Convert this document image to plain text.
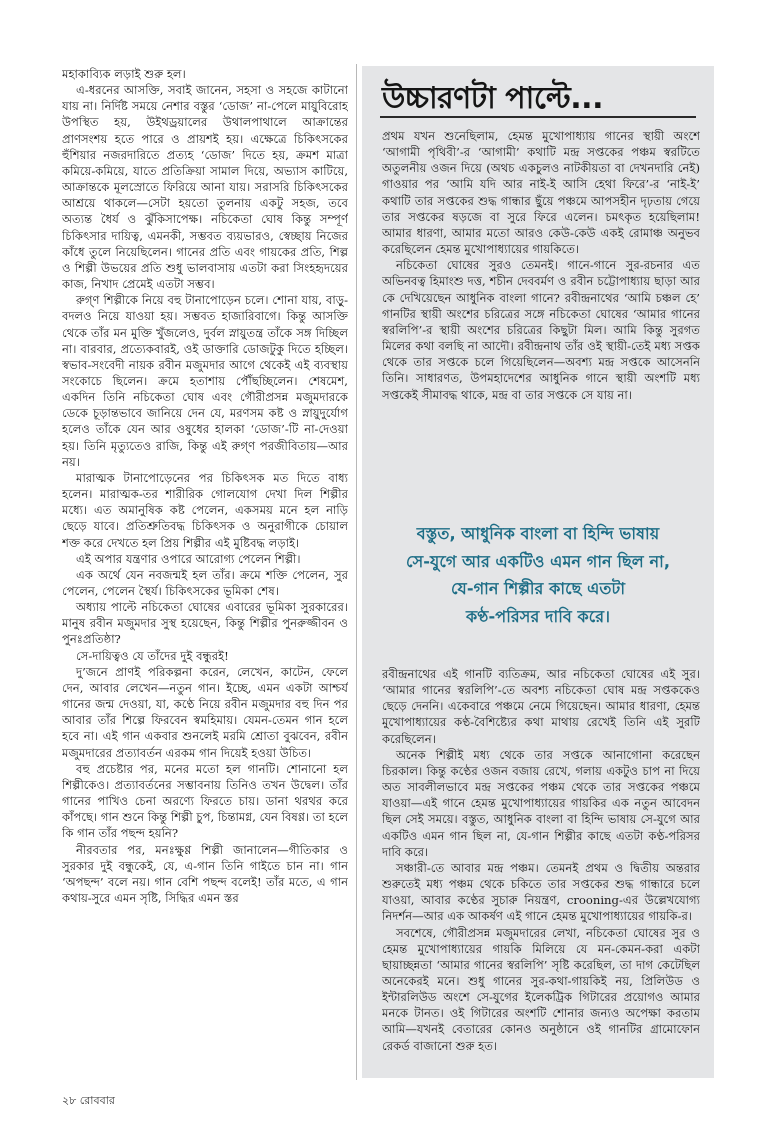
মহাকাব্যিক লড়াই শুরু হল।

এ-ধরনের আসক্তি, সবাই জানেন, সহসা ও সহজে কাটানো যায় না। নির্দিষ্ট সময়ে নেশার বস্তুর ‘ডোজ’ না-পেলে মায়ুবিরোহ উপস্থিত হয়, উইথড্রয়ালের উথালপাথালে আক্রান্তের প্রাণসংশয় হতে পারে ও প্রায়শই হয়। এক্ষেত্রে চিকিৎসকের হুঁশিয়ার নজরদারিতে প্রত্যহ ‘ডোজ’ দিতে হয়, ক্রমশ মাত্রা কমিয়ে-কমিয়ে, যাতে প্রতিক্রিয়া সামাল দিয়ে, অভ্যাস কাটিয়ে, আক্রান্তকে মূলস্রোতে ফিরিয়ে আনা যায়। সরাসরি চিকিৎসকের আশ্রয়ে থাকলে—সেটা হয়তো তুলনায় একটু সহজ, তবে অত্যন্ত ধৈর্য ও ঝুঁকিসাপেক্ষ। নচিকেতা ঘোষ কিন্তু সম্পূর্ণ চিকিৎসার দায়িত্ব, এমনকী, সম্ভবত ব্যয়ভারও, স্বেচ্ছায় নিজের কাঁধে তুলে নিয়েছিলেন। গানের প্রতি এবং গায়কের প্রতি, শিল্প ও শিল্পী উভয়ের প্রতি শুধু ভালবাসায় এতটা করা সিংহহৃদয়ের কাজ, নিখাদ প্রেমেই এতটা সম্ভব।

রুগ্ণ শিল্পীকে নিয়ে বহু টানাপোড়েন চলে। শোনা যায়, বাড়ু-বদলও নিয়ে যাওয়া হয়। সম্ভবত হাজারিবাগে। কিন্তু আসক্তি থেকে তাঁর মন মুক্তি খুঁজলেও, দুর্বল স্নায়ুতন্ত্র তাঁকে সঙ্গ দিচ্ছিল না। বারবার, প্রত্যেকবারই, ওই ডাক্তারি ডোজটুকু দিতে হচ্ছিল। স্বভাব-সংবেদী নায়ক রবীন মজুমদার আগে থেকেই এই ব্যবস্থায় সংকোচে ছিলেন। ক্রমে হতাশায় পৌঁছচ্ছিলেন। শেষমেশ, একদিন তিনি নচিকেতা ঘোষ এবং গৌরীপ্রসন্ন মজুমদারকে ডেকে চূড়ান্তভাবে জানিয়ে দেন যে, মরণসম কষ্ট ও স্নায়ুদুর্যোগ হলেও তাঁকে যেন আর ওষুধের হালকা ‘ডোজ’-টি না-দেওয়া হয়। তিনি মৃত্যুতেও রাজি, কিন্তু এই রুগ্ণ পরজীবিতায়—আর নয়।

মারাত্মক টানাপোড়েনের পর চিকিৎসক মত দিতে বাধ্য হলেন। মারাত্মক-তর শারীরিক গোলযোগ দেখা দিল শিল্পীর মধ্যে। এত অমানুষিক কষ্ট পেলেন, একসময় মনে হল নাড়ি ছেড়ে যাবে। প্রতিশ্রুতিবদ্ধ চিকিৎসক ও অনুরাগীকে চোয়াল শক্ত করে দেখতে হল প্রিয় শিল্পীর এই মুষ্টিবদ্ধ লড়াই।

এই অপার যন্ত্রণার ওপারে আরোগ্য পেলেন শিল্পী।

এক অর্থে যেন নবজন্মই হল তাঁর। ক্রমে শক্তি পেলেন, সুর পেলেন, পেলেন স্থৈর্য। চিকিৎসকের ভূমিকা শেষ।

অধ্যায় পাল্টে নচিকেতা ঘোষের এবারের ভূমিকা সুরকারের। মানুষ রবীন মজুমদার সুস্থ হয়েছেন, কিন্তু শিল্পীর পুনরুজ্জীবন ও পুনঃপ্রতিষ্ঠা?

সে-দায়িত্বও যে তাঁদের দুই বন্ধুরই!

দু’জনে প্রাণই পরিকল্পনা করেন, লেখেন, কাটেন, ফেলে দেন, আবার লেখেন—নতুন গান। ইচ্ছে, এমন একটা আশ্চর্য গানের জন্ম দেওয়া, যা, কণ্ঠে নিয়ে রবীন মজুমদার বহু দিন পর আবার তাঁর শিল্পে ফিরবেন স্বমহিমায়। যেমন-তেমন গান হলে হবে না। এই গান একবার শুনলেই মরমি শ্রোতা বুঝবেন, রবীন মজুমদারের প্রত্যাবর্তন এরকম গান দিয়েই হওয়া উচিত।

বহু প্রচেষ্টার পর, মনের মতো হল গানটি। শোনানো হল শিল্পীকেও। প্রত্যাবর্তনের সম্ভাবনায় তিনিও তখন উদ্বেল। তাঁর গানের পাখিও চেনা অরণ্যে ফিরতে চায়। ডানা থরথর করে কাঁপছে। গান শুনে কিন্তু শিল্পী চুপ, চিন্তামগ্ন, যেন বিষণ্ণ। তা হলে কি গান তাঁর পছন্দ হয়নি?

নীরবতার পর, মনঃক্ষুণ্ণ শিল্পী জানালেন—গীতিকার ও সুরকার দুই বন্ধুকেই, যে, এ-গান তিনি গাইতে চান না। গান ‘অপছন্দ’ বলে নয়। গান বেশি পছন্দ বলেই! তাঁর মতে, এ গান কথায়-সুরে এমন সৃষ্টি, সিদ্ধির এমন স্তর

উচ্চারণটা পাল্টে...

প্রথম যখন শুনেছিলাম, হেমন্ত মুখোপাধ্যায় গানের স্থায়ী অংশে ‘আগামী পৃথিবী’-র ‘আগামী’ কথাটি মন্দ্র সপ্তকের পঞ্চম স্বরটিতে অতুলনীয় ওজন দিয়ে (অথচ একচুলও নাটকীয়তা বা দেখনদারি নেই) গাওয়ার পর ‘আমি যদি আর নাই-ই আসি হেথা ফিরে’-র ‘নাই-ই’ কথাটি তার সপ্তকের শুদ্ধ গান্ধার ছুঁয়ে পঞ্চমে আপসহীন দৃঢ়তায় গেয়ে তার সপ্তকের ষড়জে বা সুরে ফিরে এলেন। চমৎকৃত হয়েছিলাম! আমার ধারণা, আমার মতো আরও কেউ-কেউ একই রোমাঞ্চ অনুভব করেছিলেন হেমন্ত মুখোপাধ্যায়ের গায়কিতে।

নচিকেতা ঘোষের সুরও তেমনই। গানে-গানে সুর-রচনার এত অভিনবত্ব হিমাংশু দত্ত, শচীন দেববর্মণ ও রবীন চট্টোপাধ্যায় ছাড়া আর কে দেখিয়েছেন আধুনিক বাংলা গানে? রবীন্দ্রনাথের ‘আমি চঞ্চল হে’ গানটির স্থায়ী অংশের চরিত্রের সঙ্গে নচিকেতা ঘোষের ‘আমার গানের স্বরলিপি’-র স্থায়ী অংশের চরিত্রের কিছুটা মিল। আমি কিন্তু সুরগত মিলের কথা বলছি না আদৌ। রবীন্দ্রনাথ তাঁর ওই স্থায়ী-তেই মধ্য সপ্তক থেকে তার সপ্তকে চলে গিয়েছিলেন—অবশ্য মন্দ্র সপ্তকে আসেননি তিনি। সাধারণত, উপমহাদেশের আধুনিক গানে স্থায়ী অংশটি মধ্য সপ্তকেই সীমাবদ্ধ থাকে, মন্দ্র বা তার সপ্তকে সে যায় না।

বস্তুত, আধুনিক বাংলা বা হিন্দি ভাষায়
সে-যুগে আর একটিও এমন গান ছিল না,
যে-গান শিল্পীর কাছে এতটা
কণ্ঠ-পরিসর দাবি করে।

রবীন্দ্রনাথের এই গানটি ব্যতিক্রম, আর নচিকেতা ঘোষের এই সুর। ‘আমার গানের স্বরলিপি’-তে অবশ্য নচিকেতা ঘোষ মন্দ্র সপ্তককেও ছেড়ে দেননি। একেবারে পঞ্চমে নেমে গিয়েছেন। আমার ধারণা, হেমন্ত মুখোপাধ্যায়ের কণ্ঠ-বৈশিষ্ট্যের কথা মাথায় রেখেই তিনি এই সুরটি করেছিলেন।

অনেক শিল্পীই মধ্য থেকে তার সপ্তকে আনাগোনা করেছেন চিরকাল। কিন্তু কণ্ঠের ওজন বজায় রেখে, গলায় একটুও চাপ না দিয়ে অত সাবলীলভাবে মন্দ্র সপ্তকের পঞ্চম থেকে তার সপ্তকের পঞ্চমে যাওয়া—এই গানে হেমন্ত মুখোপাধ্যায়ের গায়কির এক নতুন আবেদন ছিল সেই সময়ে। বস্তুত, আধুনিক বাংলা বা হিন্দি ভাষায় সে-যুগে আর একটিও এমন গান ছিল না, যে-গান শিল্পীর কাছে এতটা কণ্ঠ-পরিসর দাবি করে।

সঞ্চারী-তে আবার মন্দ্র পঞ্চম। তেমনই প্রথম ও দ্বিতীয় অন্তরার শুরুতেই মধ্য পঞ্চম থেকে চকিতে তার সপ্তকের শুদ্ধ গান্ধারে চলে যাওয়া, আবার কণ্ঠের সুচারু নিয়ন্ত্রণ, crooning-এর উল্লেখযোগ্য নিদর্শন—আর এক আকর্ষণ এই গানে হেমন্ত মুখোপাধ্যায়ের গায়কি-র।

সবশেষে, গৌরীপ্রসন্ন মজুমদারের লেখা, নচিকেতা ঘোষের সুর ও হেমন্ত মুখোপাধ্যায়ের গায়কি মিলিয়ে যে মন-কেমন-করা একটা ছায়াচ্ছন্নতা ‘আমার গানের স্বরলিপি’ সৃষ্টি করেছিল, তা দাগ কেটেছিল অনেকেরই মনে। শুধু গানের সুর-কথা-গায়কিই নয়, প্রিলিউড ও ইন্টারলিউড অংশে সে-যুগের ইলেকট্রিক গিটারের প্রয়োগও আমার মনকে টানত। ওই গিটারের অংশটি শোনার জন্যও অপেক্ষা করতাম আমি—যখনই বেতারের কোনও অনুষ্ঠানে ওই গানটির গ্রামোফোন রেকর্ড বাজানো শুরু হত।

২৮ রোববার
